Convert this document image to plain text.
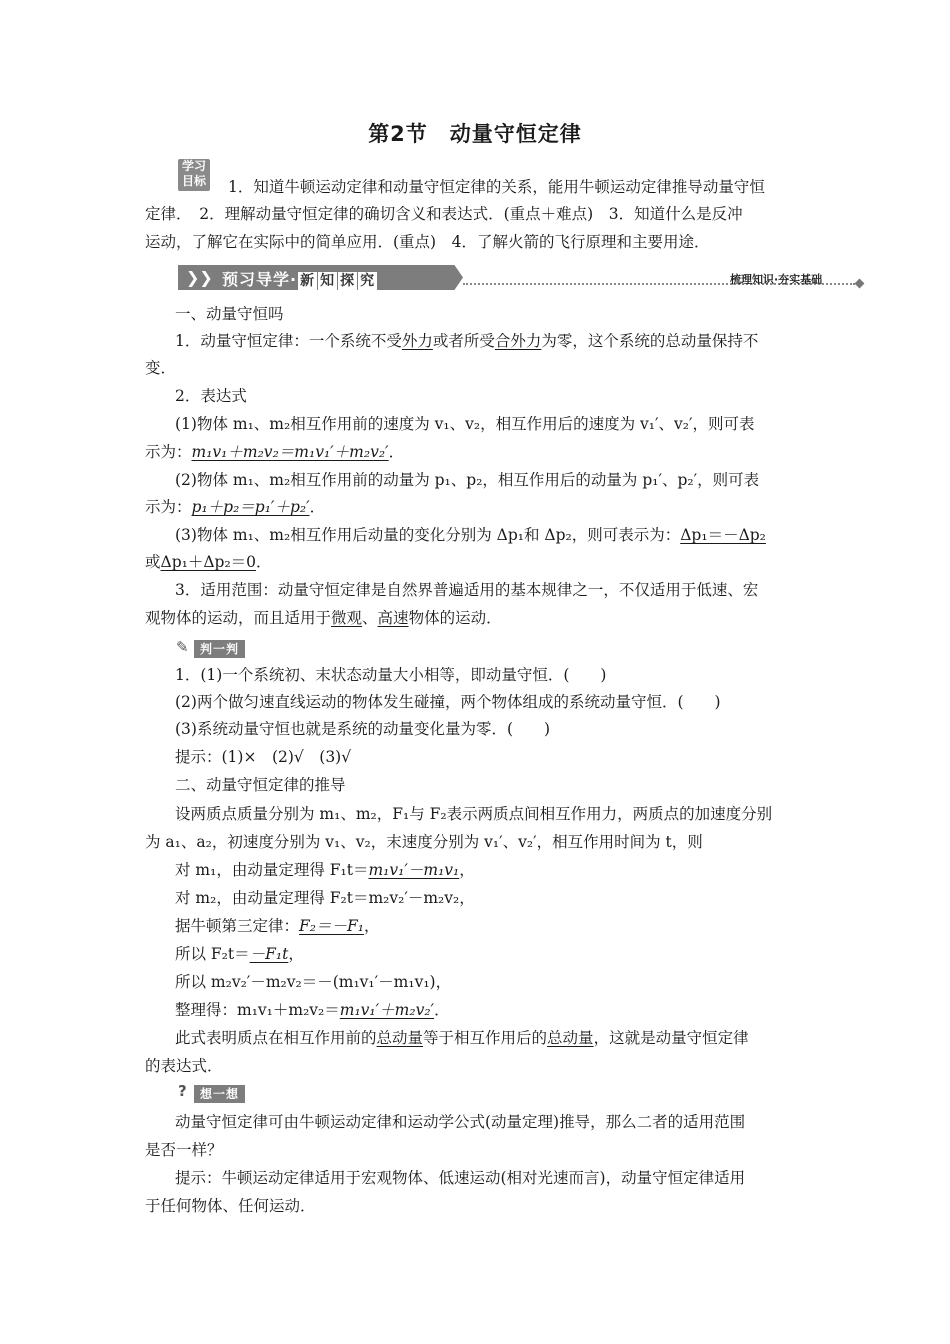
第2节　动量守恒定律
学习
目标 1．知道牛顿运动定律和动量守恒定律的关系，能用牛顿运动定律推导动量守恒
定律．　2．理解动量守恒定律的确切含义和表达式．(重点＋难点)　3．知道什么是反冲
运动，了解它在实际中的简单应用．(重点)　4．了解火箭的飞行原理和主要用途．
❯❯ 预习导学· 新 知 探 究	梳理知识·夯实基础
一、动量守恒吗
1．动量守恒定律：一个系统不受外力或者所受合外力为零，这个系统的总动量保持不
变．
2．表达式
(1)物体 m₁、m₂相互作用前的速度为 v₁、v₂，相互作用后的速度为 v₁′、v₂′，则可表
示为：m₁v₁＋m₂v₂＝m₁v₁′＋m₂v₂′．
(2)物体 m₁、m₂相互作用前的动量为 p₁、p₂，相互作用后的动量为 p₁′、p₂′，则可表
示为：p₁＋p₂＝p₁′＋p₂′．
(3)物体 m₁、m₂相互作用后动量的变化分别为 Δp₁和 Δp₂，则可表示为：Δp₁＝－Δp₂
或Δp₁＋Δp₂＝0．
3．适用范围：动量守恒定律是自然界普遍适用的基本规律之一，不仅适用于低速、宏
观物体的运动，而且适用于微观、高速物体的运动．
✎ 判一判
1．(1)一个系统初、末状态动量大小相等，即动量守恒．(　　)
(2)两个做匀速直线运动的物体发生碰撞，两个物体组成的系统动量守恒．(　　)
(3)系统动量守恒也就是系统的动量变化量为零．(　　)
提示：(1)×　(2)√　(3)√
二、动量守恒定律的推导
设两质点质量分别为 m₁、m₂，F₁与 F₂表示两质点间相互作用力，两质点的加速度分别
为 a₁、a₂，初速度分别为 v₁、v₂，末速度分别为 v₁′、v₂′，相互作用时间为 t，则
对 m₁，由动量定理得 F₁t＝m₁v₁′－m₁v₁，
对 m₂，由动量定理得 F₂t＝m₂v₂′－m₂v₂，
据牛顿第三定律：F₂＝－F₁，
所以 F₂t＝－F₁t，
所以 m₂v₂′－m₂v₂＝－(m₁v₁′－m₁v₁)，
整理得：m₁v₁＋m₂v₂＝m₁v₁′＋m₂v₂′．
此式表明质点在相互作用前的总动量等于相互作用后的总动量，这就是动量守恒定律
的表达式．
?	想一想
动量守恒定律可由牛顿运动定律和运动学公式(动量定理)推导，那么二者的适用范围
是否一样？
提示：牛顿运动定律适用于宏观物体、低速运动(相对光速而言)，动量守恒定律适用
于任何物体、任何运动．
